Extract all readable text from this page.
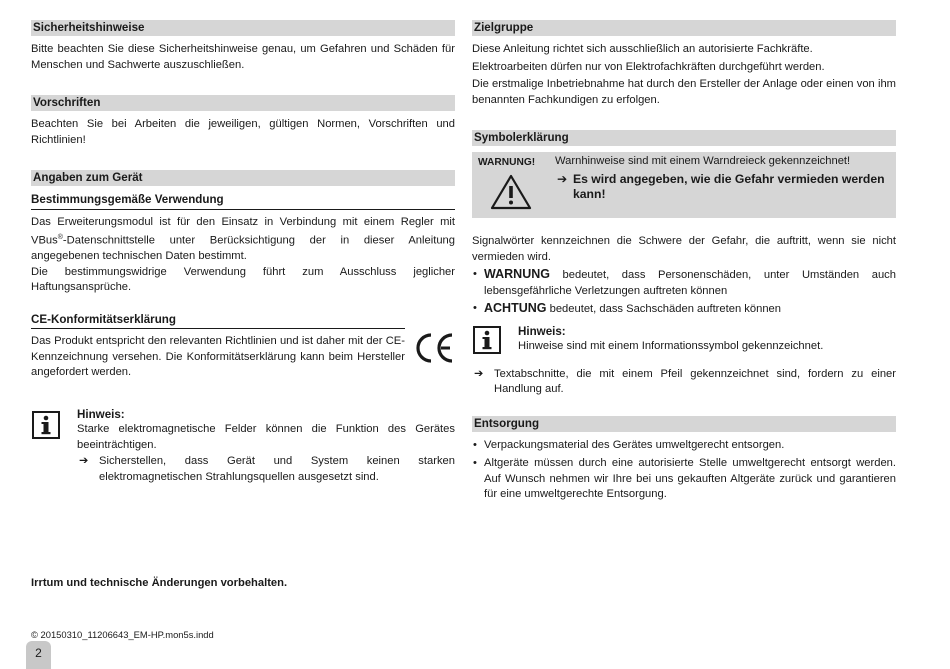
Sicherheitshinweise

Bitte beachten Sie diese Sicherheitshinweise genau, um Gefahren und Schäden für Menschen und Sachwerte auszuschließen.

Vorschriften

Beachten Sie bei Arbeiten die jeweiligen, gültigen Normen, Vorschriften und Richtlinien!

Angaben zum Gerät
Bestimmungsgemäße Verwendung

Das Erweiterungsmodul ist für den Einsatz in Verbindung mit einem Regler mit VBus®-Datenschnittstelle unter Berücksichtigung der in dieser Anleitung angegebenen technischen Daten bestimmt.

Die bestimmungswidrige Verwendung führt zum Ausschluss jeglicher Haftungsansprüche.

CE-Konformitätserklärung

Das Produkt entspricht den relevanten Richtlinien und ist daher mit der CE-Kennzeichnung versehen. Die Konformitätserklärung kann beim Hersteller angefordert werden.

Hinweis:

Starke elektromagnetische Felder können die Funktion des Gerätes beeinträchtigen.

➔ Sicherstellen, dass Gerät und System keinen starken elektromagnetischen Strahlungsquellen ausgesetzt sind.

Irrtum und technische Änderungen vorbehalten.
Zielgruppe

Diese Anleitung richtet sich ausschließlich an autorisierte Fachkräfte.

Elektroarbeiten dürfen nur von Elektrofachkräften durchgeführt werden.

Die erstmalige Inbetriebnahme hat durch den Ersteller der Anlage oder einen von ihm benannten Fachkundigen zu erfolgen.

Symbolerklärung
WARNUNG! Warnhinweise sind mit einem Warndreieck gekennzeichnet!
➔ Es wird angegeben, wie die Gefahr vermieden werden kann!

Signalwörter kennzeichnen die Schwere der Gefahr, die auftritt, wenn sie nicht vermieden wird.

• WARNUNG bedeutet, dass Personenschäden, unter Umständen auch lebensgefährliche Verletzungen auftreten können
• ACHTUNG bedeutet, dass Sachschäden auftreten können
Hinweis:

Hinweise sind mit einem Informationssymbol gekennzeichnet.

➔ Textabschnitte, die mit einem Pfeil gekennzeichnet sind, fordern zu einer Handlung auf.

Entsorgung
• Verpackungsmaterial des Gerätes umweltgerecht entsorgen.
• Altgeräte müssen durch eine autorisierte Stelle umweltgerecht entsorgt werden. Auf Wunsch nehmen wir Ihre bei uns gekauften Altgeräte zurück und garantieren für eine umweltgerechte Entsorgung.
© 20150310_11206643_EM-HP.mon5s.indd
2
